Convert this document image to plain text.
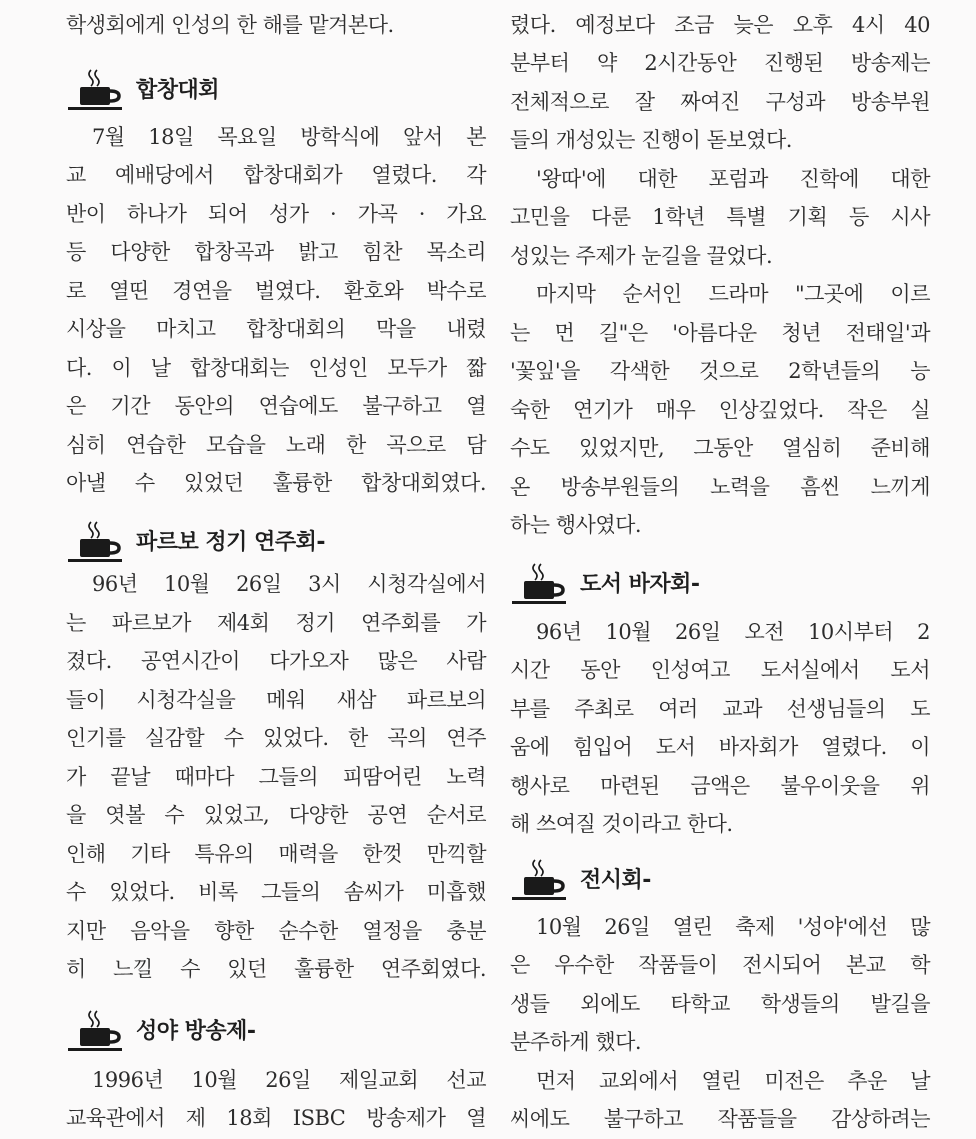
학생회에게 인성의 한 해를 맡겨본다.
합창대회
7월 18일 목요일 방학식에 앞서 본
교 예배당에서 합창대회가 열렸다. 각
반이 하나가 되어 성가 · 가곡 · 가요
등 다양한 합창곡과 밝고 힘찬 목소리
로 열띤 경연을 벌였다. 환호와 박수로
시상을 마치고 합창대회의 막을 내렸
다. 이 날 합창대회는 인성인 모두가 짧
은 기간 동안의 연습에도 불구하고 열
심히 연습한 모습을 노래 한 곡으로 담
아낼 수 있었던 훌륭한 합창대회였다.
파르보 정기 연주회-
96년 10월 26일 3시 시청각실에서
는 파르보가 제4회 정기 연주회를 가
졌다. 공연시간이 다가오자 많은 사람
들이 시청각실을 메워 새삼 파르보의
인기를 실감할 수 있었다. 한 곡의 연주
가 끝날 때마다 그들의 피땀어린 노력
을 엿볼 수 있었고, 다양한 공연 순서로
인해 기타 특유의 매력을 한껏 만끽할
수 있었다. 비록 그들의 솜씨가 미흡했
지만 음악을 향한 순수한 열정을 충분
히 느낄 수 있던 훌륭한 연주회였다.
성야 방송제-
1996년 10월 26일 제일교회 선교
교육관에서 제 18회 ISBC 방송제가 열
렸다. 예정보다 조금 늦은 오후 4시 40
분부터 약 2시간동안 진행된 방송제는
전체적으로 잘 짜여진 구성과 방송부원
들의 개성있는 진행이 돋보였다.
'왕따'에 대한 포럼과 진학에 대한
고민을 다룬 1학년 특별 기획 등 시사
성있는 주제가 눈길을 끌었다.
마지막 순서인 드라마 "그곳에 이르
는 먼 길"은 '아름다운 청년 전태일'과
'꽃잎'을 각색한 것으로 2학년들의 능
숙한 연기가 매우 인상깊었다. 작은 실
수도 있었지만, 그동안 열심히 준비해
온 방송부원들의 노력을 흠씬 느끼게
하는 행사였다.
도서 바자회-
96년 10월 26일 오전 10시부터 2
시간 동안 인성여고 도서실에서 도서
부를 주최로 여러 교과 선생님들의 도
움에 힘입어 도서 바자회가 열렸다. 이
행사로 마련된 금액은 불우이웃을 위
해 쓰여질 것이라고 한다.
전시회-
10월 26일 열린 축제 '성야'에선 많
은 우수한 작품들이 전시되어 본교 학
생들 외에도 타학교 학생들의 발길을
분주하게 했다.
먼저 교외에서 열린 미전은 추운 날
씨에도 불구하고 작품들을 감상하려는
